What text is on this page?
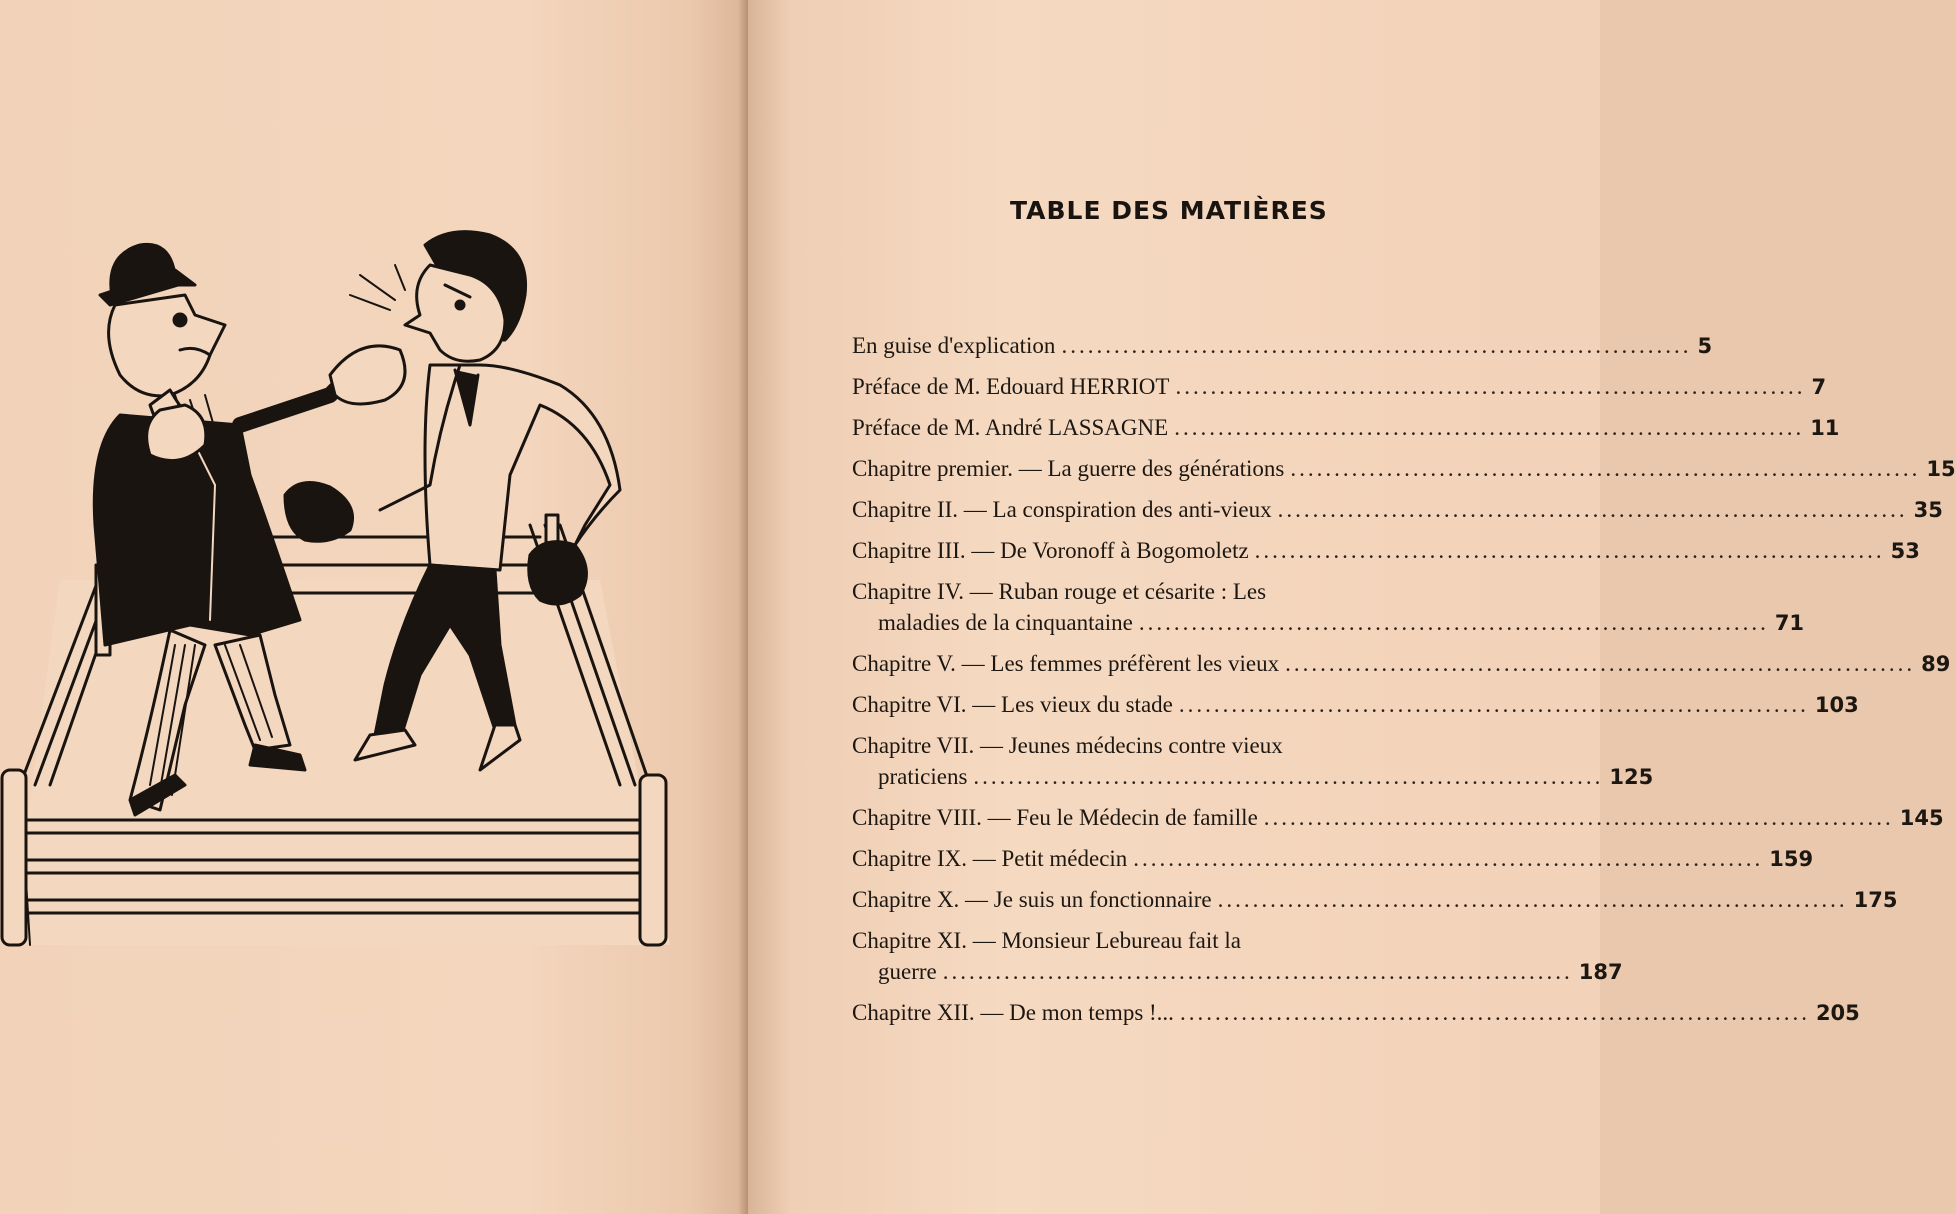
TABLE DES MATIÈRES
En guise d'explication ........................................................................ 5
Préface de M. Edouard HERRIOT ........................................................................ 7
Préface de M. André LASSAGNE ........................................................................ 11
Chapitre premier. — La guerre des générations ........................................................................ 15
Chapitre II. — La conspiration des anti-vieux ........................................................................ 35
Chapitre III. — De Voronoff à Bogomoletz ........................................................................ 53
Chapitre IV. — Ruban rouge et césarite : Les
maladies de la cinquantaine ........................................................................ 71
Chapitre V. — Les femmes préfèrent les vieux ........................................................................ 89
Chapitre VI. — Les vieux du stade ........................................................................ 103
Chapitre VII. — Jeunes médecins contre vieux
praticiens ........................................................................ 125
Chapitre VIII. — Feu le Médecin de famille ........................................................................ 145
Chapitre IX. — Petit médecin ........................................................................ 159
Chapitre X. — Je suis un fonctionnaire ........................................................................ 175
Chapitre XI. — Monsieur Lebureau fait la
guerre ........................................................................ 187
Chapitre XII. — De mon temps !... ........................................................................ 205
